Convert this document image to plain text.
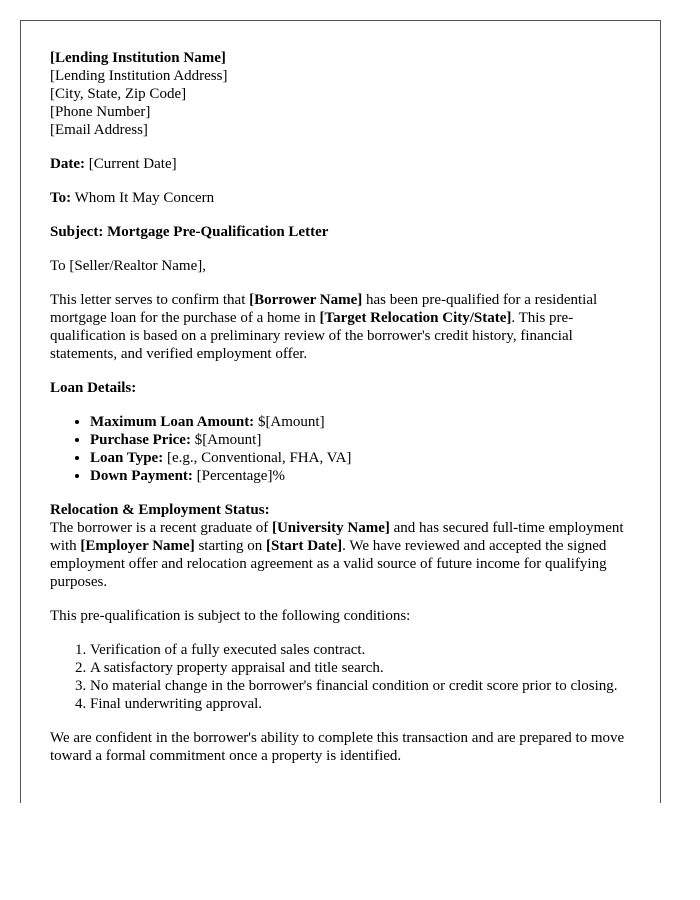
[Lending Institution Name]
[Lending Institution Address]
[City, State, Zip Code]
[Phone Number]
[Email Address]

Date: [Current Date]

To: Whom It May Concern

Subject: Mortgage Pre-Qualification Letter

To [Seller/Realtor Name],

This letter serves to confirm that [Borrower Name] has been pre-qualified for a residential mortgage loan for the purchase of a home in [Target Relocation City/State]. This pre-qualification is based on a preliminary review of the borrower's credit history, financial statements, and verified employment offer.

Loan Details:

• Maximum Loan Amount: $[Amount]
• Purchase Price: $[Amount]
• Loan Type: [e.g., Conventional, FHA, VA]
• Down Payment: [Percentage]%
Relocation & Employment Status:

The borrower is a recent graduate of [University Name] and has secured full-time employment with [Employer Name] starting on [Start Date]. We have reviewed and accepted the signed employment offer and relocation agreement as a valid source of future income for qualifying purposes.

This pre-qualification is subject to the following conditions:

1. Verification of a fully executed sales contract.
2. A satisfactory property appraisal and title search.
3. No material change in the borrower's financial condition or credit score prior to closing.
4. Final underwriting approval.

We are confident in the borrower's ability to complete this transaction and are prepared to move toward a formal commitment once a property is identified.
